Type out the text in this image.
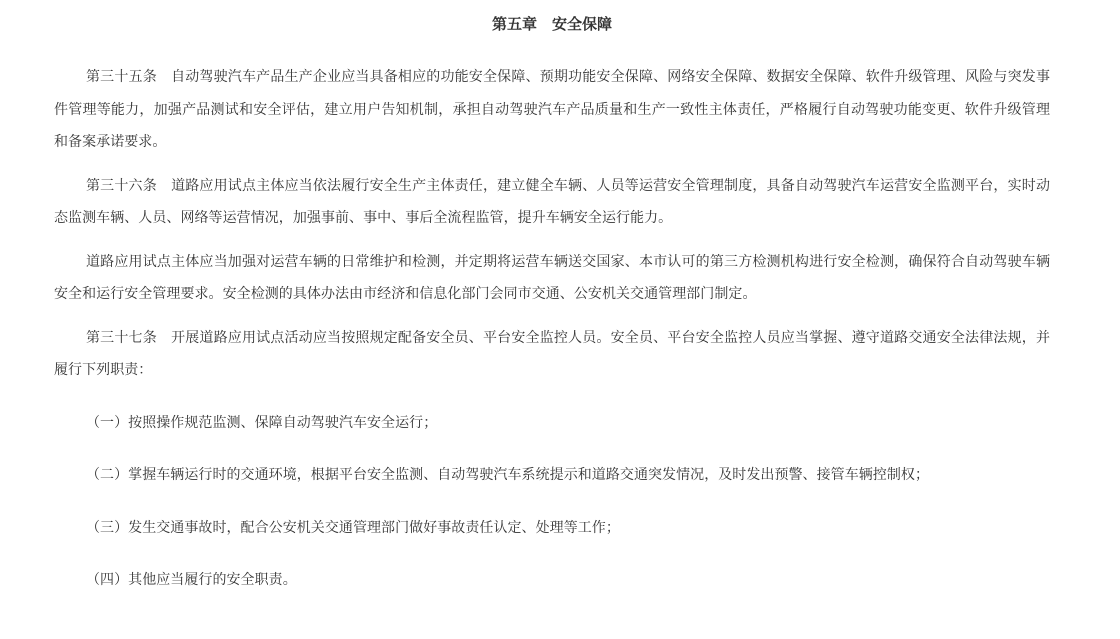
第五章　安全保障

第三十五条　自动驾驶汽车产品生产企业应当具备相应的功能安全保障、预期功能安全保障、网络安全保障、数据安全保障、软件升级管理、风险与突发事件管理等能力，加强产品测试和安全评估，建立用户告知机制，承担自动驾驶汽车产品质量和生产一致性主体责任，严格履行自动驾驶功能变更、软件升级管理和备案承诺要求。

第三十六条　道路应用试点主体应当依法履行安全生产主体责任，建立健全车辆、人员等运营安全管理制度，具备自动驾驶汽车运营安全监测平台，实时动态监测车辆、人员、网络等运营情况，加强事前、事中、事后全流程监管，提升车辆安全运行能力。

道路应用试点主体应当加强对运营车辆的日常维护和检测，并定期将运营车辆送交国家、本市认可的第三方检测机构进行安全检测，确保符合自动驾驶车辆安全和运行安全管理要求。安全检测的具体办法由市经济和信息化部门会同市交通、公安机关交通管理部门制定。

第三十七条　开展道路应用试点活动应当按照规定配备安全员、平台安全监控人员。安全员、平台安全监控人员应当掌握、遵守道路交通安全法律法规，并履行下列职责：

（一）按照操作规范监测、保障自动驾驶汽车安全运行；

（二）掌握车辆运行时的交通环境，根据平台安全监测、自动驾驶汽车系统提示和道路交通突发情况，及时发出预警、接管车辆控制权；

（三）发生交通事故时，配合公安机关交通管理部门做好事故责任认定、处理等工作；

（四）其他应当履行的安全职责。
